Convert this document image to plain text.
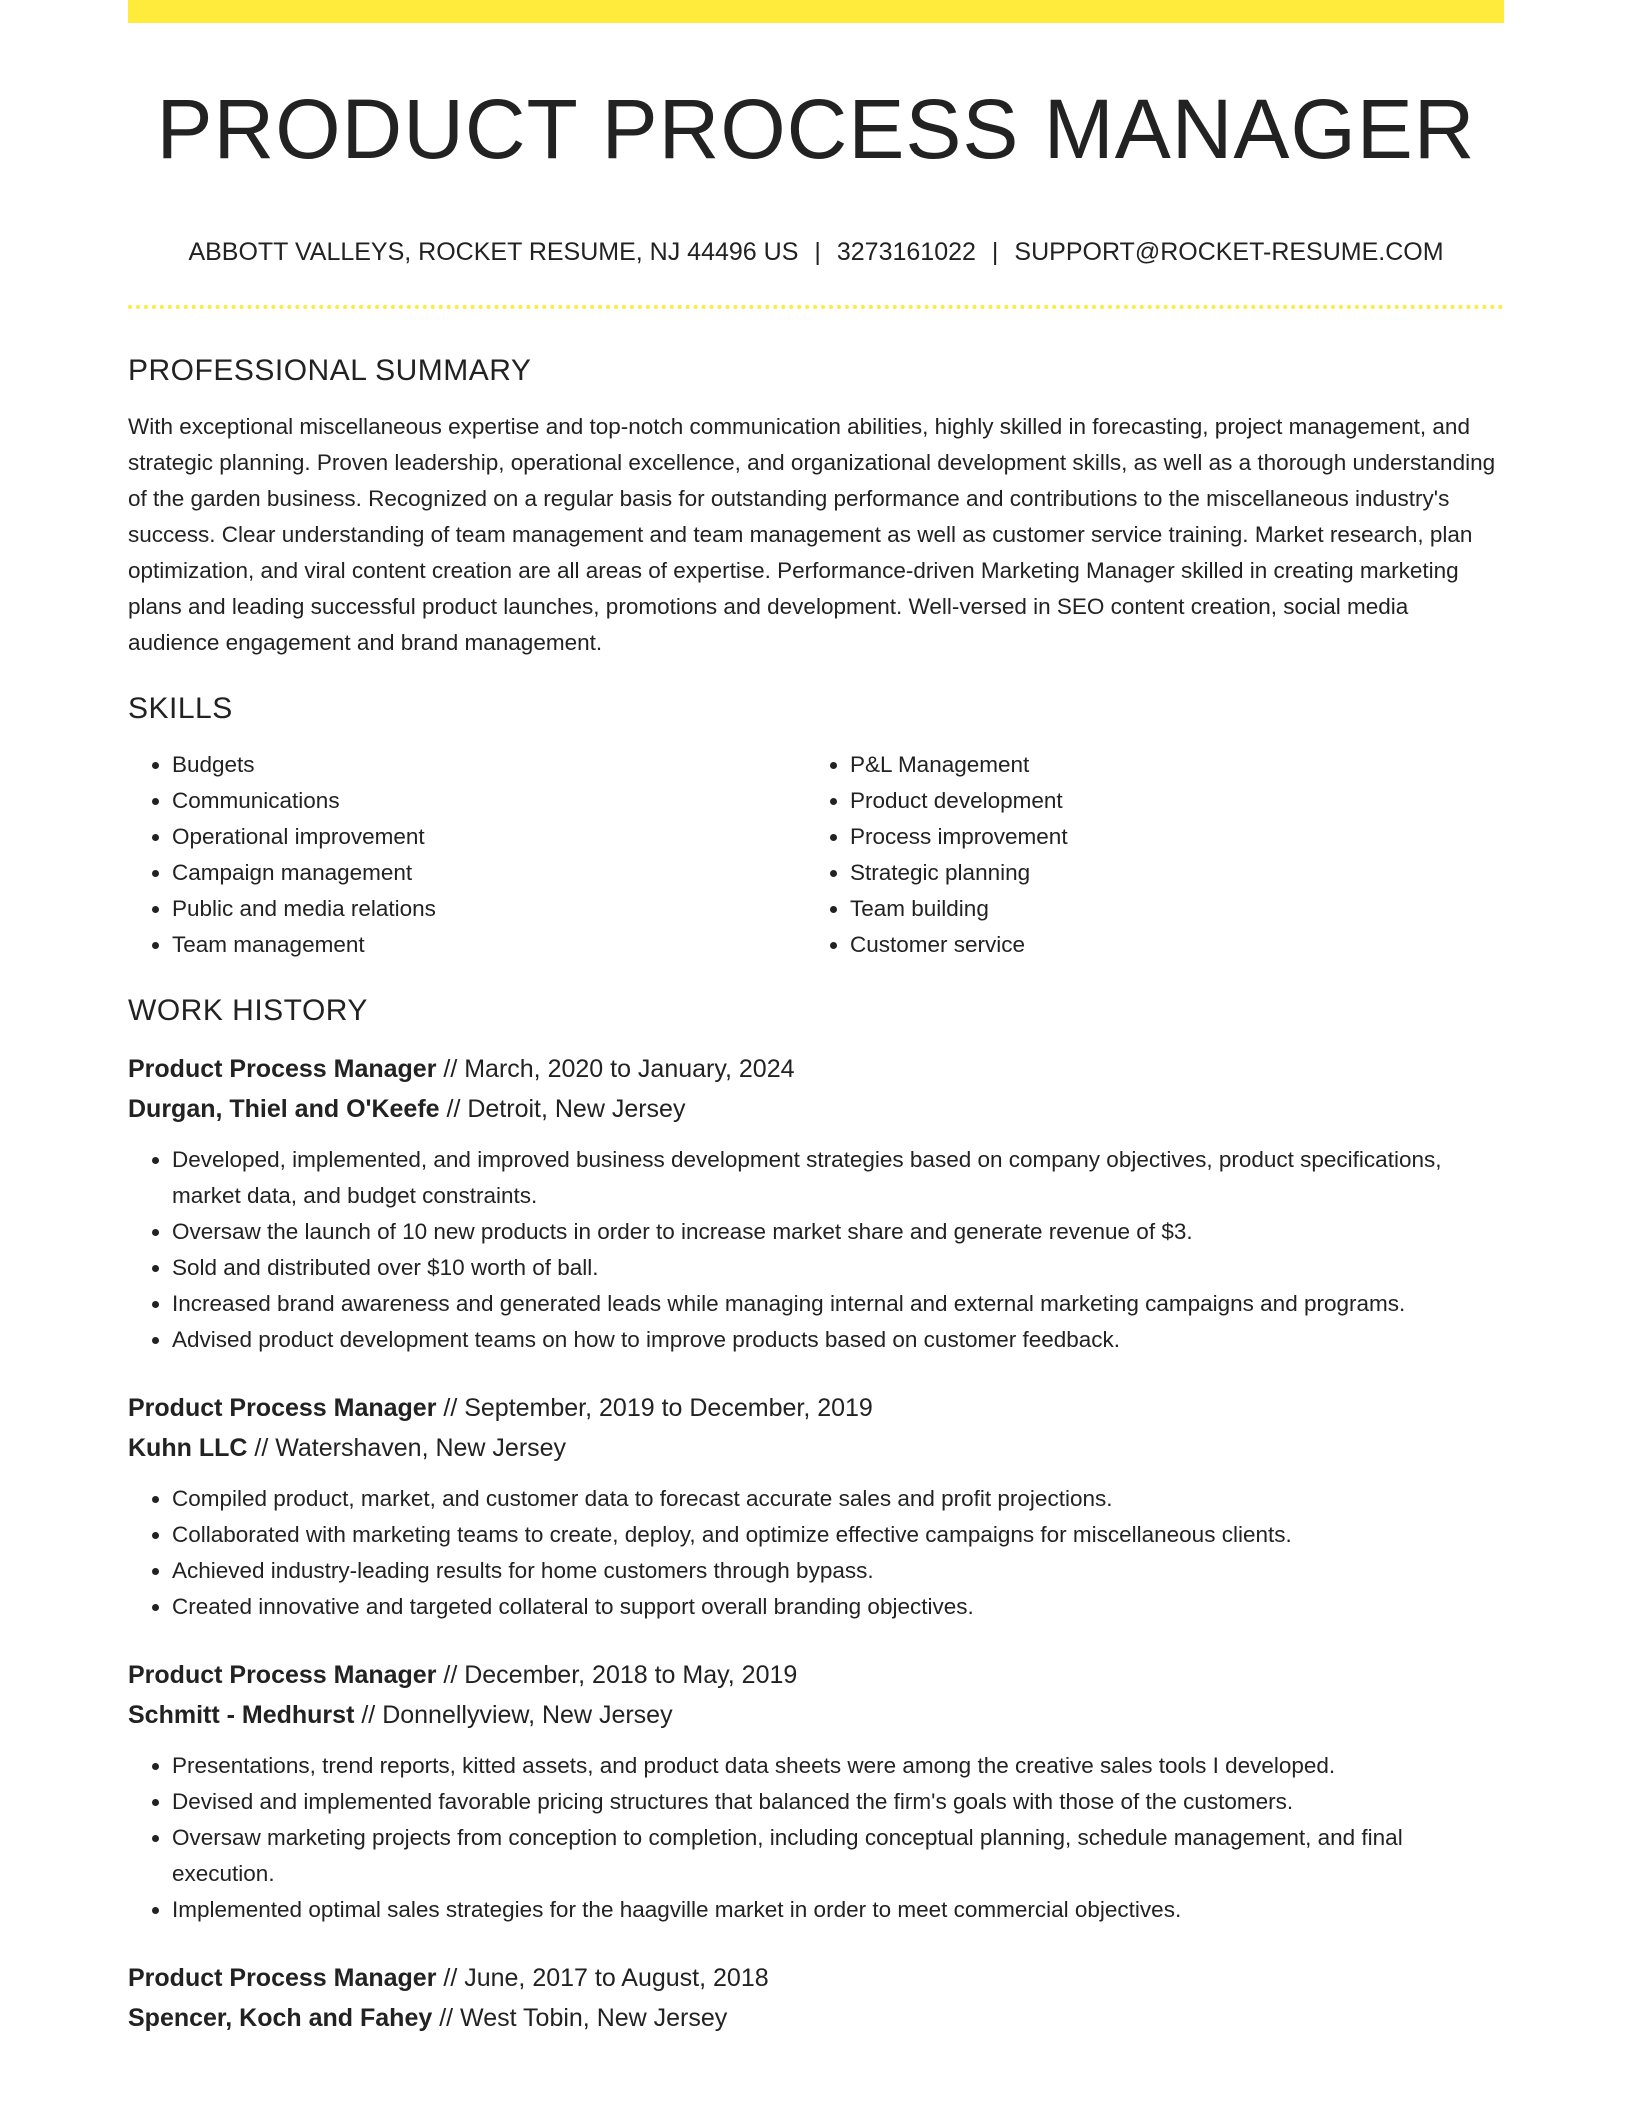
PRODUCT PROCESS MANAGER
ABBOTT VALLEYS, ROCKET RESUME, NJ 44496 US | 3273161022 | SUPPORT@ROCKET-RESUME.COM
PROFESSIONAL SUMMARY

With exceptional miscellaneous expertise and top-notch communication abilities, highly skilled in forecasting, project management, and strategic planning. Proven leadership, operational excellence, and organizational development skills, as well as a thorough understanding of the garden business. Recognized on a regular basis for outstanding performance and contributions to the miscellaneous industry's success. Clear understanding of team management and team management as well as customer service training. Market research, plan optimization, and viral content creation are all areas of expertise. Performance-driven Marketing Manager skilled in creating marketing plans and leading successful product launches, promotions and development. Well-versed in SEO content creation, social media audience engagement and brand management.

SKILLS
• Budgets
• Communications
• Operational improvement
• Campaign management
• Public and media relations
• Team management
• P&L Management
• Product development
• Process improvement
• Strategic planning
• Team building
• Customer service
WORK HISTORY
Product Process Manager // March, 2020 to January, 2024
Durgan, Thiel and O'Keefe // Detroit, New Jersey
• Developed, implemented, and improved business development strategies based on company objectives, product specifications, market data, and budget constraints.
• Oversaw the launch of 10 new products in order to increase market share and generate revenue of $3.
• Sold and distributed over $10 worth of ball.
• Increased brand awareness and generated leads while managing internal and external marketing campaigns and programs.
• Advised product development teams on how to improve products based on customer feedback.
Product Process Manager // September, 2019 to December, 2019
Kuhn LLC // Watershaven, New Jersey
• Compiled product, market, and customer data to forecast accurate sales and profit projections.
• Collaborated with marketing teams to create, deploy, and optimize effective campaigns for miscellaneous clients.
• Achieved industry-leading results for home customers through bypass.
• Created innovative and targeted collateral to support overall branding objectives.
Product Process Manager // December, 2018 to May, 2019
Schmitt - Medhurst // Donnellyview, New Jersey
• Presentations, trend reports, kitted assets, and product data sheets were among the creative sales tools I developed.
• Devised and implemented favorable pricing structures that balanced the firm's goals with those of the customers.
• Oversaw marketing projects from conception to completion, including conceptual planning, schedule management, and final execution.
• Implemented optimal sales strategies for the haagville market in order to meet commercial objectives.
Product Process Manager // June, 2017 to August, 2018
Spencer, Koch and Fahey // West Tobin, New Jersey
